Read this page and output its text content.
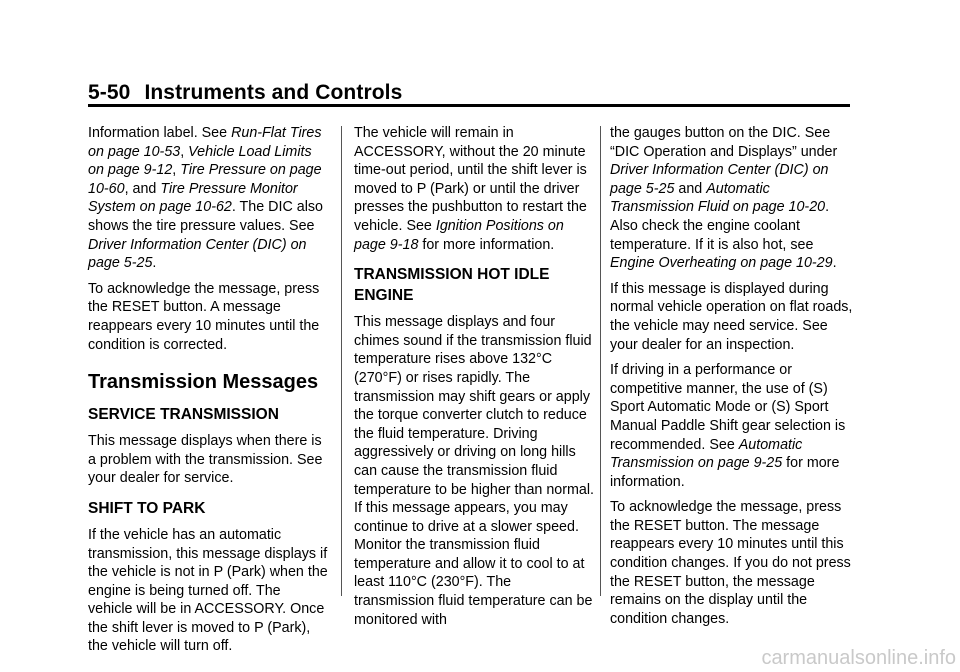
5-50 Instruments and Controls

Information label. See Run-Flat Tires on page 10-53, Vehicle Load Limits on page 9-12, Tire Pressure on page 10-60, and Tire Pressure Monitor System on page 10-62. The DIC also shows the tire pressure values. See Driver Information Center (DIC) on page 5-25.

To acknowledge the message, press the RESET button. A message reappears every 10 minutes until the condition is corrected.

Transmission Messages
SERVICE TRANSMISSION

This message displays when there is a problem with the transmission. See your dealer for service.

SHIFT TO PARK

If the vehicle has an automatic transmission, this message displays if the vehicle is not in P (Park) when the engine is being turned off. The vehicle will be in ACCESSORY. Once the shift lever is moved to P (Park), the vehicle will turn off.

The vehicle will remain in ACCESSORY, without the 20 minute time-out period, until the shift lever is moved to P (Park) or until the driver presses the pushbutton to restart the vehicle. See Ignition Positions on page 9-18 for more information.

TRANSMISSION HOT IDLE ENGINE

This message displays and four chimes sound if the transmission fluid temperature rises above 132°C (270°F) or rises rapidly. The transmission may shift gears or apply the torque converter clutch to reduce the fluid temperature. Driving aggressively or driving on long hills can cause the transmission fluid temperature to be higher than normal. If this message appears, you may continue to drive at a slower speed. Monitor the transmission fluid temperature and allow it to cool to at least 110°C (230°F). The transmission fluid temperature can be monitored with

the gauges button on the DIC. See “DIC Operation and Displays” under Driver Information Center (DIC) on page 5-25 and Automatic Transmission Fluid on page 10-20. Also check the engine coolant temperature. If it is also hot, see Engine Overheating on page 10-29.

If this message is displayed during normal vehicle operation on flat roads, the vehicle may need service. See your dealer for an inspection.

If driving in a performance or competitive manner, the use of (S) Sport Automatic Mode or (S) Sport Manual Paddle Shift gear selection is recommended. See Automatic Transmission on page 9-25 for more information.

To acknowledge the message, press the RESET button. The message reappears every 10 minutes until this condition changes. If you do not press the RESET button, the message remains on the display until the condition changes.

carmanualsonline.info
